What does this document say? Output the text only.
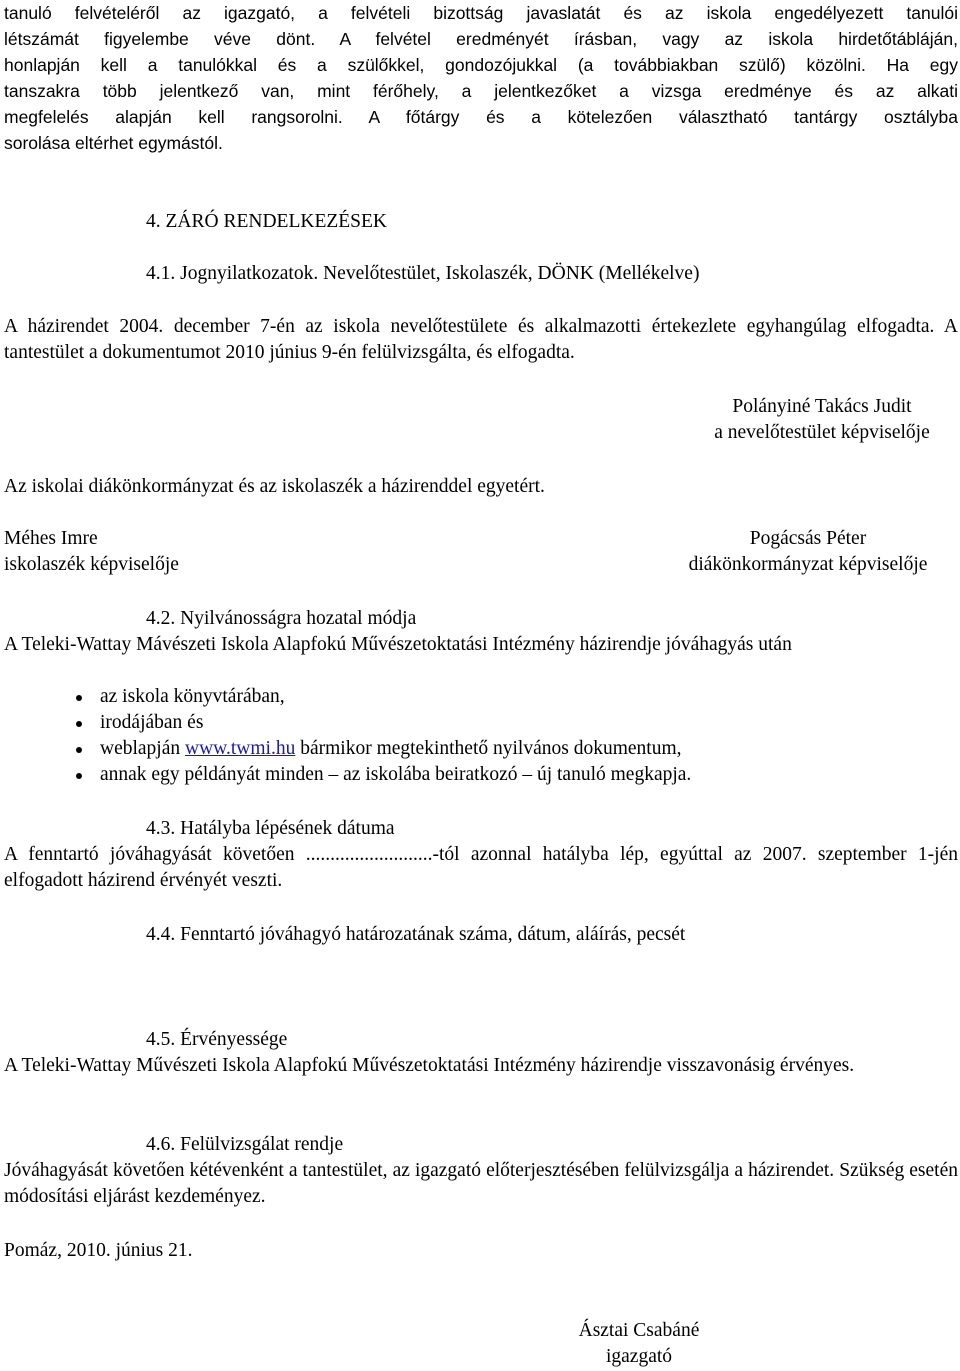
tanuló felvételéről az igazgató, a felvételi bizottság javaslatát és az iskola engedélyezett tanulói
létszámát figyelembe véve dönt. A felvétel eredményét írásban, vagy az iskola hirdetőtábláján,
honlapján kell a tanulókkal és a szülőkkel, gondozójukkal (a továbbiakban szülő) közölni. Ha egy
tanszakra több jelentkező van, mint férőhely, a jelentkezőket a vizsga eredménye és az alkati
megfelelés alapján kell rangsorolni. A főtárgy és a kötelezően választható tantárgy osztályba
sorolása eltérhet egymástól.
4. ZÁRÓ RENDELKEZÉSEK
4.1. Jognyilatkozatok. Nevelőtestület, Iskolaszék, DÖNK (Mellékelve)
A házirendet 2004. december 7-én az iskola nevelőtestülete és alkalmazotti értekezlete egyhangúlag elfogadta. A tantestület a dokumentumot 2010 június 9-én felülvizsgálta, és elfogadta.
Polányiné Takács Judit
a nevelőtestület képviselője
Az iskolai diákönkormányzat és az iskolaszék a házirenddel egyetért.
Méhes Imre
iskolaszék képviselője
Pogácsás Péter
diákönkormányzat képviselője
4.2. Nyilvánosságra hozatal módja
A Teleki-Wattay Mávészeti Iskola Alapfokú Művészetoktatási Intézmény házirendje jóváhagyás után
az iskola könyvtárában,
irodájában és
weblapján www.twmi.hu bármikor megtekinthető nyilvános dokumentum,
annak egy példányát minden – az iskolába beiratkozó – új tanuló megkapja.
4.3. Hatályba lépésének dátuma
A fenntartó jóváhagyását követően ..........................-tól azonnal hatályba lép, egyúttal az 2007. szeptember 1-jén elfogadott házirend érvényét veszti.
4.4. Fenntartó jóváhagyó határozatának száma, dátum, aláírás, pecsét
4.5. Érvényessége
A Teleki-Wattay Művészeti Iskola Alapfokú Művészetoktatási Intézmény házirendje visszavonásig érvényes.
4.6. Felülvizsgálat rendje
Jóváhagyását követően kétévenként a tantestület, az igazgató előterjesztésében felülvizsgálja a házirendet. Szükség esetén módosítási eljárást kezdeményez.
Pomáz, 2010. június 21.
Ásztai Csabáné
igazgató
